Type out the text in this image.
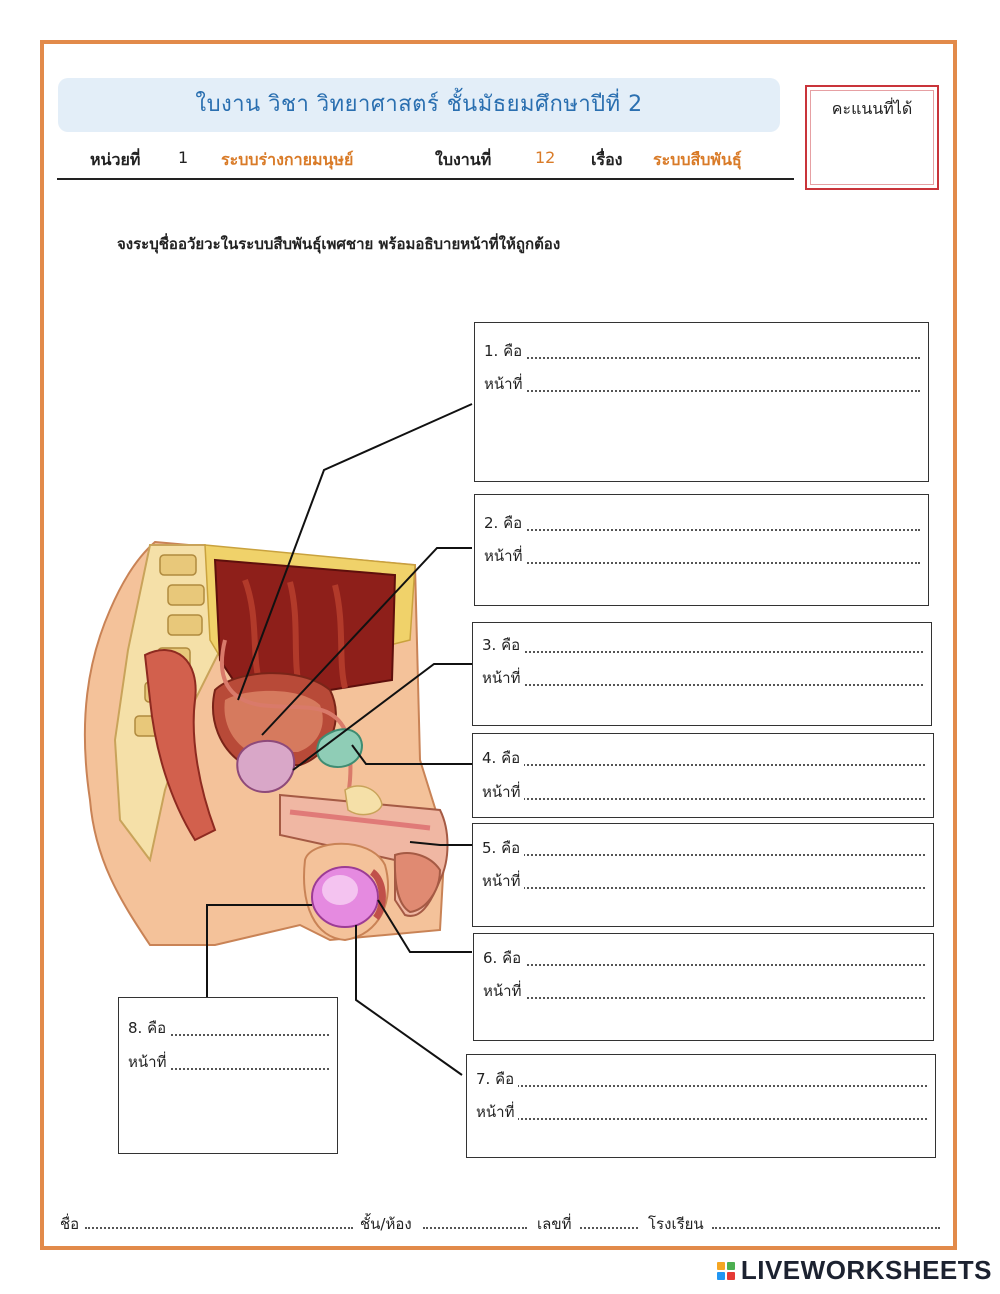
ใบงาน วิชา วิทยาศาสตร์ ชั้นมัธยมศึกษาปีที่ 2	คะแนนที่ได้
หน่วยที่ 1 ระบบร่างกายมนุษย์	ใบงานที่	12 เรื่อง ระบบสืบพันธุ์
จงระบุชื่ออวัยวะในระบบสืบพันธุ์เพศชาย พร้อมอธิบายหน้าที่ให้ถูกต้อง
1. คือ
หน้าที่
2. คือ
หน้าที่
3. คือ
หน้าที่
4. คือ
หน้าที่
5. คือ
หน้าที่
6. คือ
หน้าที่
7. คือ
หน้าที่
8. คือ
หน้าที่
ชื่อ	ชั้น/ห้อง	เลขที่	โรงเรียน
LIVEWORKSHEETS
